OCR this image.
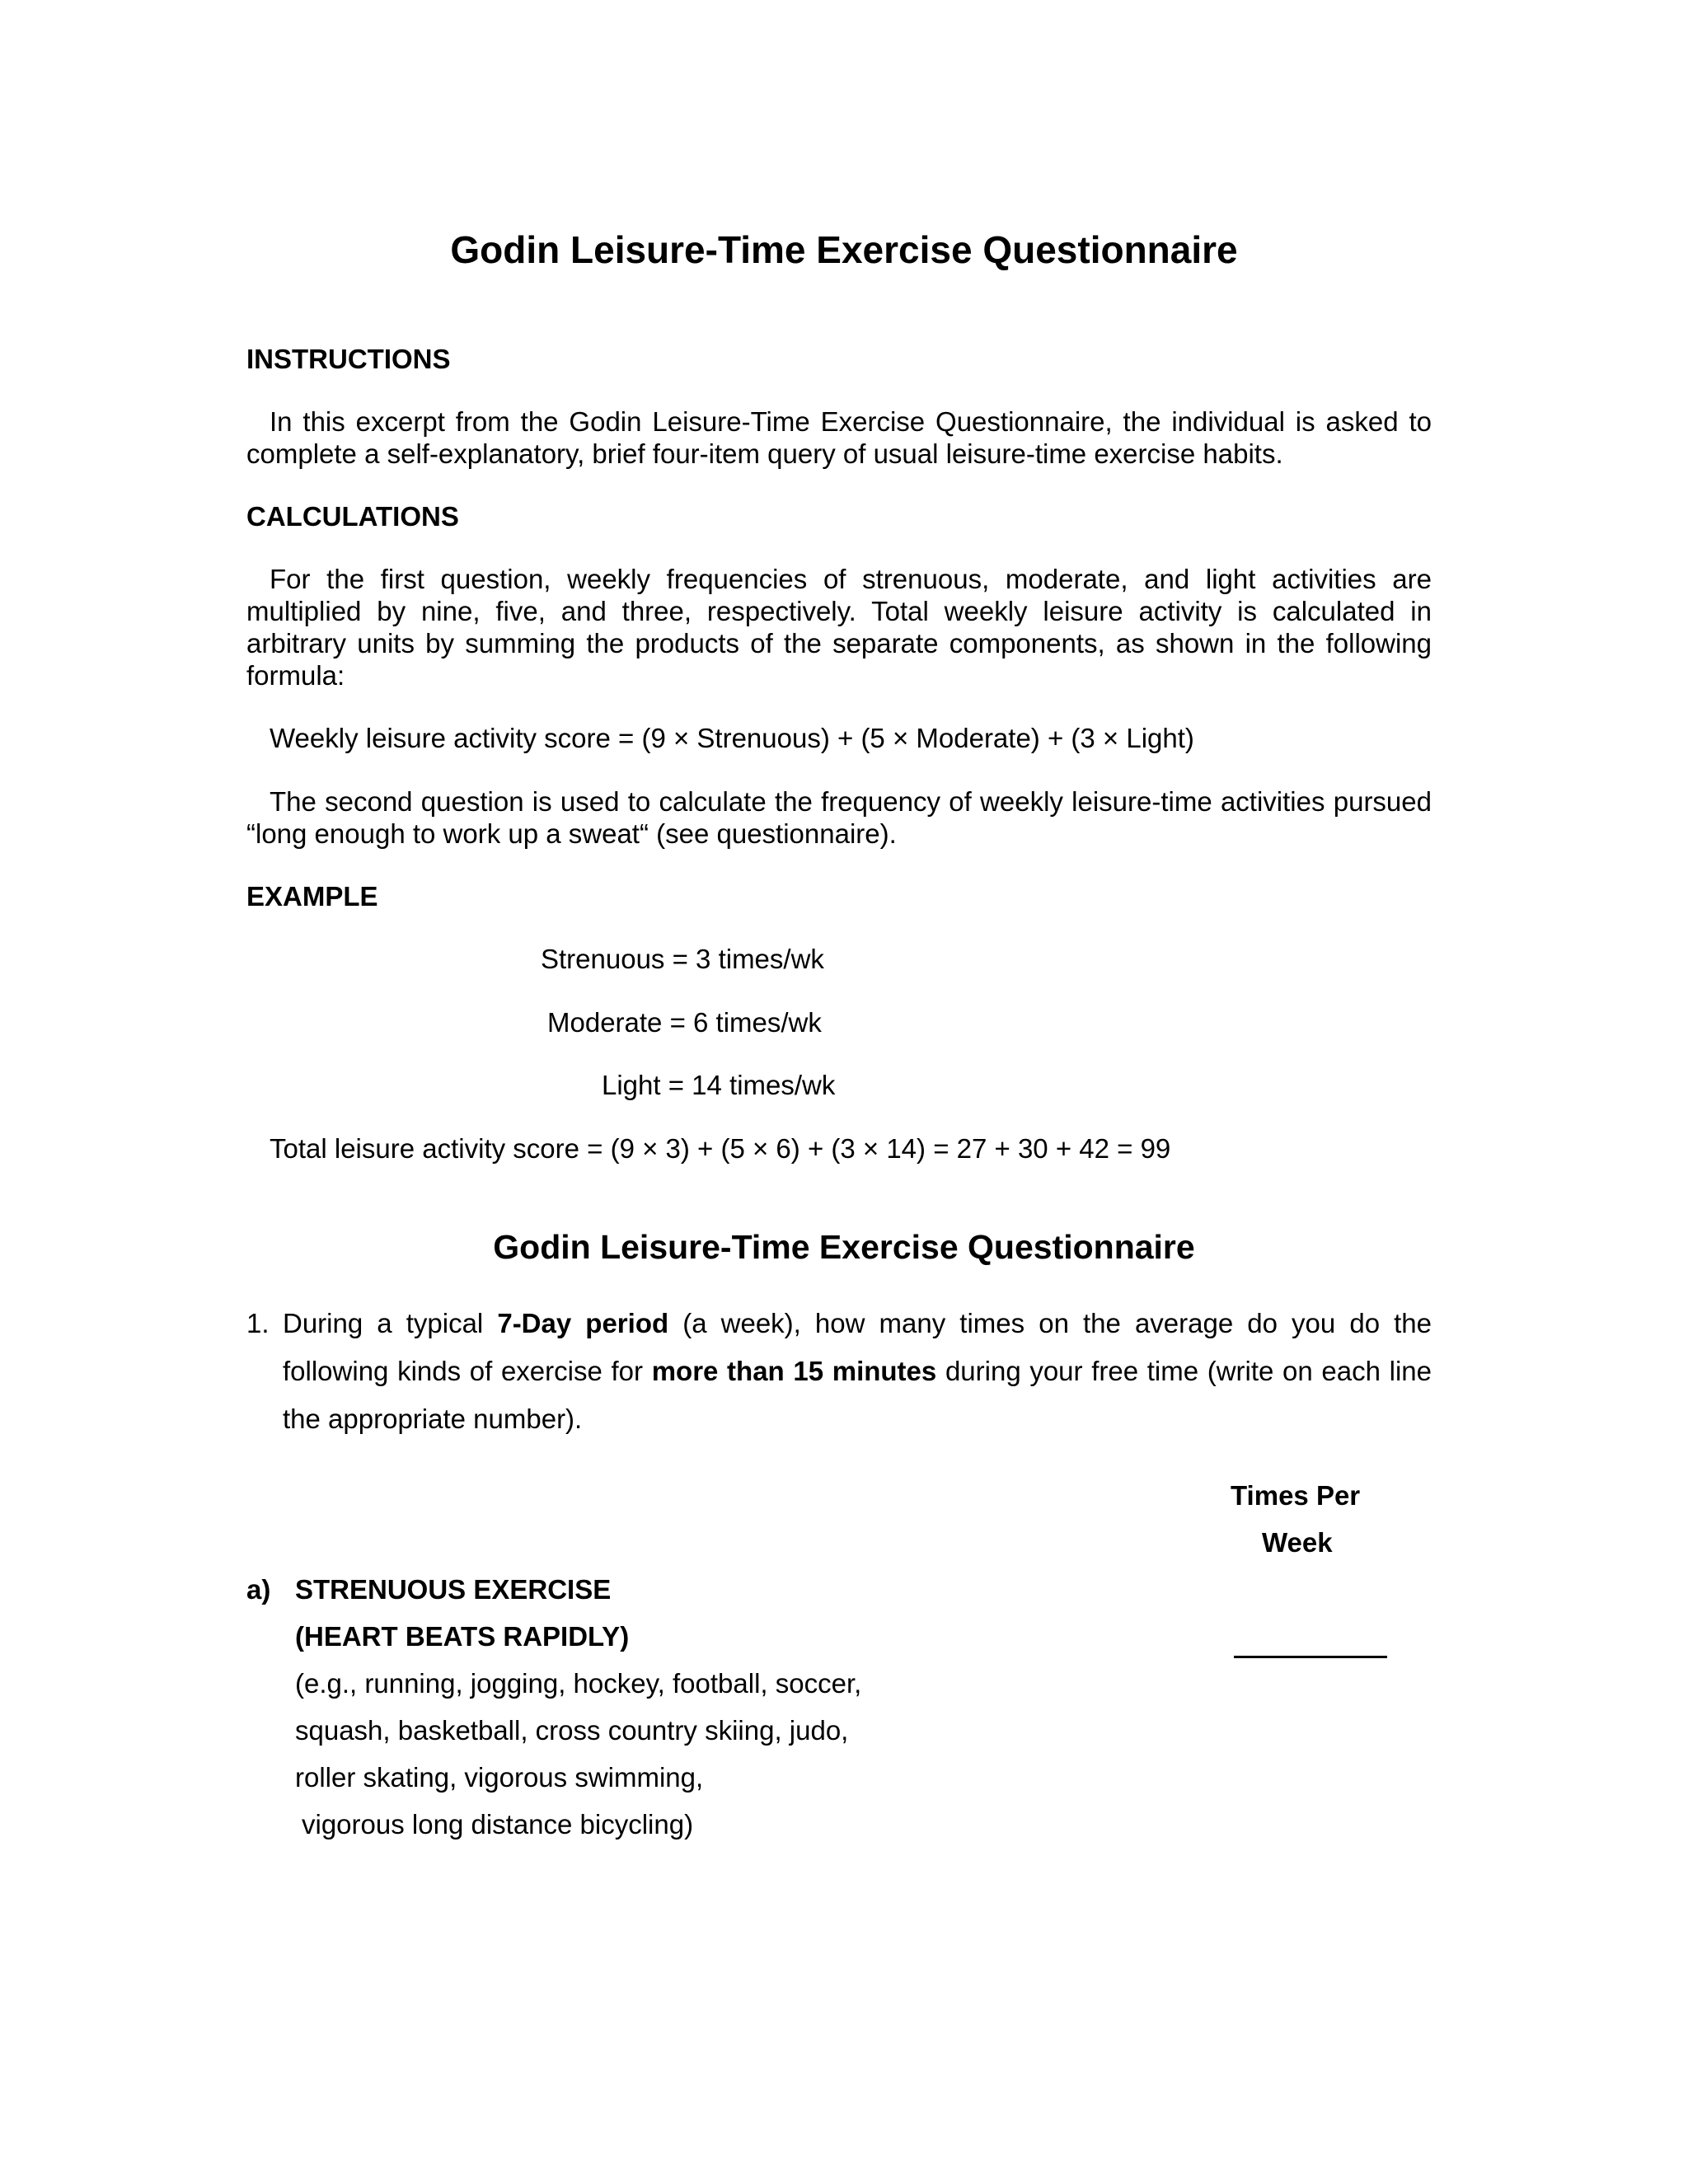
Godin Leisure-Time Exercise Questionnaire
INSTRUCTIONS
In this excerpt from the Godin Leisure-Time Exercise Questionnaire, the individual is asked to complete a self-explanatory, brief four-item query of usual leisure-time exercise habits.
CALCULATIONS
For the first question, weekly frequencies of strenuous, moderate, and light activities are multiplied by nine, five, and three, respectively. Total weekly leisure activity is calculated in arbitrary units by summing the products of the separate components, as shown in the following formula:
Weekly leisure activity score = (9 × Strenuous) + (5 × Moderate) + (3 × Light)
The second question is used to calculate the frequency of weekly leisure-time activities pursued “long enough to work up a sweat“ (see questionnaire).
EXAMPLE
Strenuous = 3 times/wk
Moderate = 6 times/wk
Light = 14 times/wk
Total leisure activity score = (9 × 3) + (5 × 6) + (3 × 14) = 27 + 30 + 42 = 99
Godin Leisure-Time Exercise Questionnaire
1. During a typical 7-Day period (a week), how many times on the average do you do the following kinds of exercise for more than 15 minutes during your free time (write on each line the appropriate number).
Times Per
Week
a) STRENUOUS EXERCISE
(HEART BEATS RAPIDLY)
(e.g., running, jogging, hockey, football, soccer,
squash, basketball, cross country skiing, judo,
roller skating, vigorous swimming,
vigorous long distance bicycling)
